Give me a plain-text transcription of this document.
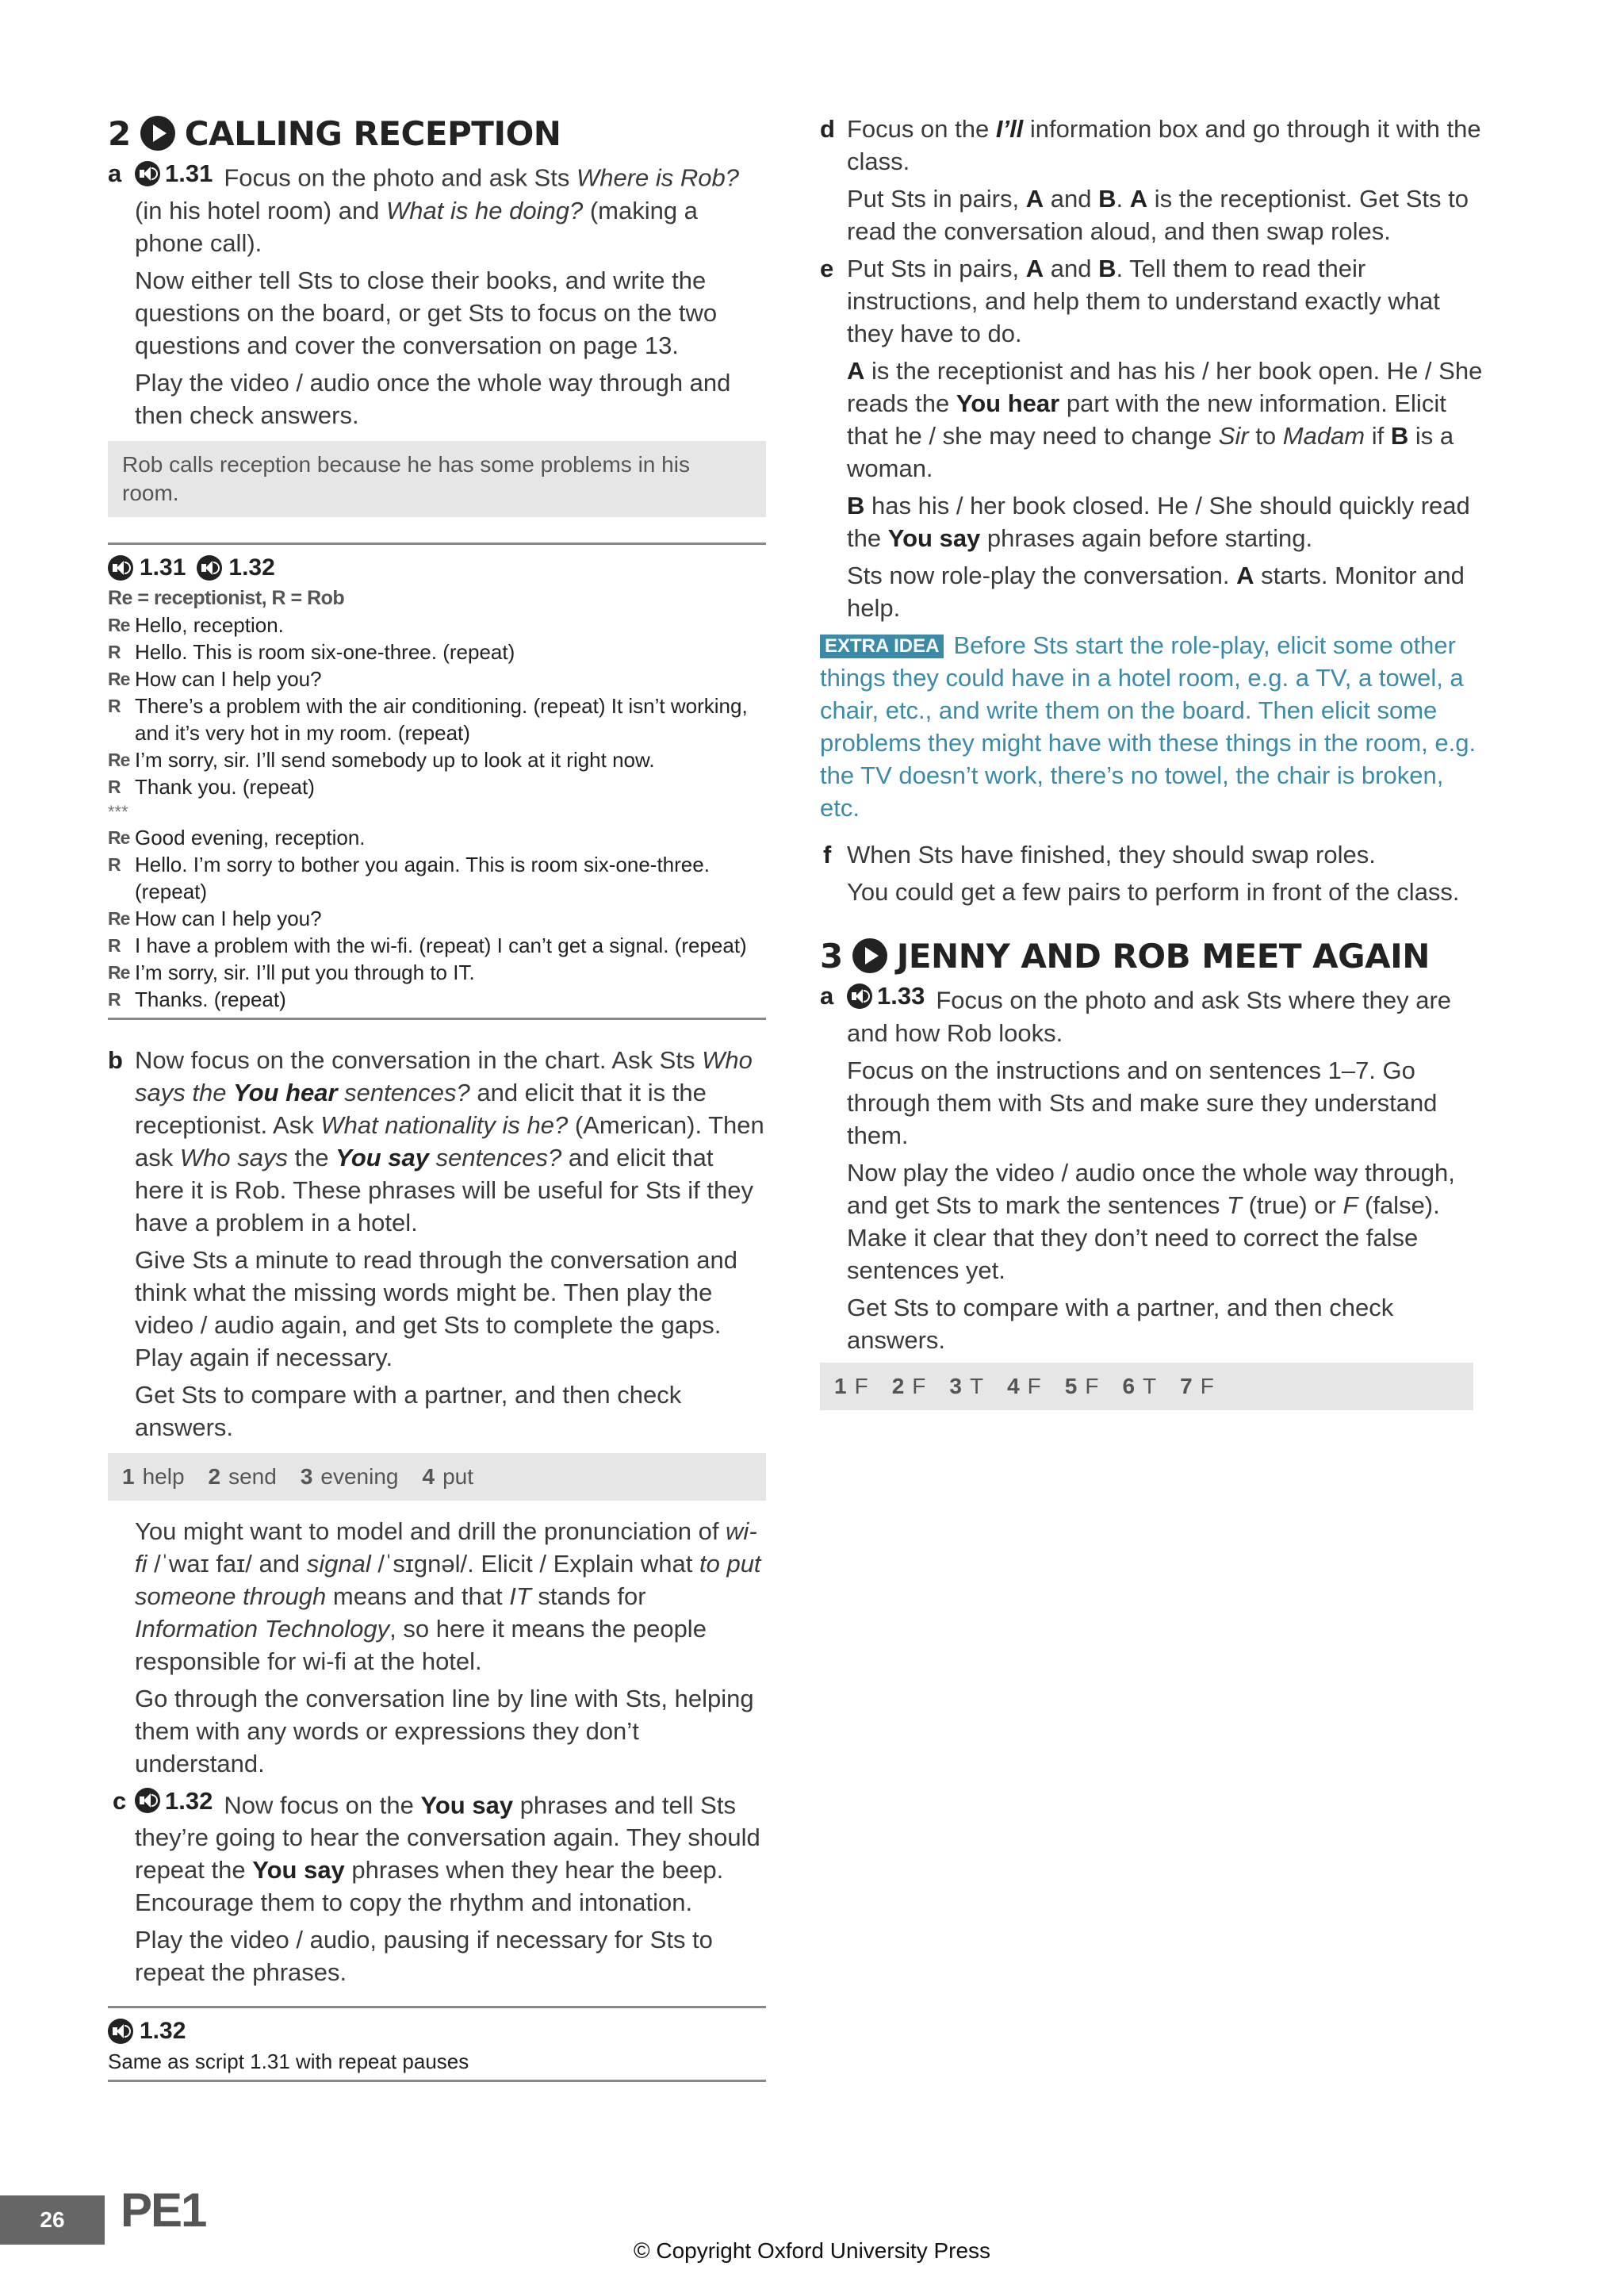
2 CALLING RECEPTION
a 1.31 Focus on the photo and ask Sts Where is Rob? (in his hotel room) and What is he doing? (making a phone call).

Now either tell Sts to close their books, and write the questions on the board, or get Sts to focus on the two questions and cover the conversation on page 13.

Play the video / audio once the whole way through and then check answers.

Rob calls reception because he has some problems in his room.
1.31 1.32
Re = receptionist, R = Rob
Re Hello, reception.
R Hello. This is room six-one-three. (repeat)
Re How can I help you?
R There’s a problem with the air conditioning. (repeat) It isn’t working, and it’s very hot in my room. (repeat)
Re I’m sorry, sir. I’ll send somebody up to look at it right now.
R Thank you. (repeat)
***
Re Good evening, reception.
R Hello. I’m sorry to bother you again. This is room six-one-three. (repeat)
Re How can I help you?
R I have a problem with the wi-fi. (repeat) I can’t get a signal. (repeat)
Re I’m sorry, sir. I’ll put you through to IT.
R Thanks. (repeat)
b Now focus on the conversation in the chart. Ask Sts Who says the You hear sentences? and elicit that it is the receptionist. Ask What nationality is he? (American). Then ask Who says the You say sentences? and elicit that here it is Rob. These phrases will be useful for Sts if they have a problem in a hotel.

Give Sts a minute to read through the conversation and think what the missing words might be. Then play the video / audio again, and get Sts to complete the gaps. Play again if necessary.

Get Sts to compare with a partner, and then check answers.

1 help 2 send 3 evening 4 put

You might want to model and drill the pronunciation of wi-fi /ˈwaɪ faɪ/ and signal /ˈsɪɡnəl/. Elicit / Explain what to put someone through means and that IT stands for Information Technology, so here it means the people responsible for wi-fi at the hotel.

Go through the conversation line by line with Sts, helping them with any words or expressions they don’t understand.

c 1.32 Now focus on the You say phrases and tell Sts they’re going to hear the conversation again. They should repeat the You say phrases when they hear the beep. Encourage them to copy the rhythm and intonation.

Play the video / audio, pausing if necessary for Sts to repeat the phrases.

1.32
Same as script 1.31 with repeat pauses
d Focus on the I’ll information box and go through it with the class.

Put Sts in pairs, A and B. A is the receptionist. Get Sts to read the conversation aloud, and then swap roles.

e Put Sts in pairs, A and B. Tell them to read their instructions, and help them to understand exactly what they have to do.

A is the receptionist and has his / her book open. He / She reads the You hear part with the new information. Elicit that he / she may need to change Sir to Madam if B is a woman.

B has his / her book closed. He / She should quickly read the You say phrases again before starting.

Sts now role-play the conversation. A starts. Monitor and help.

EXTRA IDEA Before Sts start the role-play, elicit some other things they could have in a hotel room, e.g. a TV, a towel, a chair, etc., and write them on the board. Then elicit some problems they might have with these things in the room, e.g. the TV doesn’t work, there’s no towel, the chair is broken, etc.
f When Sts have finished, they should swap roles.

You could get a few pairs to perform in front of the class.

3 JENNY AND ROB MEET AGAIN
a 1.33 Focus on the photo and ask Sts where they are and how Rob looks.

Focus on the instructions and on sentences 1–7. Go through them with Sts and make sure they understand them.

Now play the video / audio once the whole way through, and get Sts to mark the sentences T (true) or F (false). Make it clear that they don’t need to correct the false sentences yet.

Get Sts to compare with a partner, and then check answers.

1 F 2 F 3 T 4 F 5 F 6 T 7 F
26	PE1
© Copyright Oxford University Press
